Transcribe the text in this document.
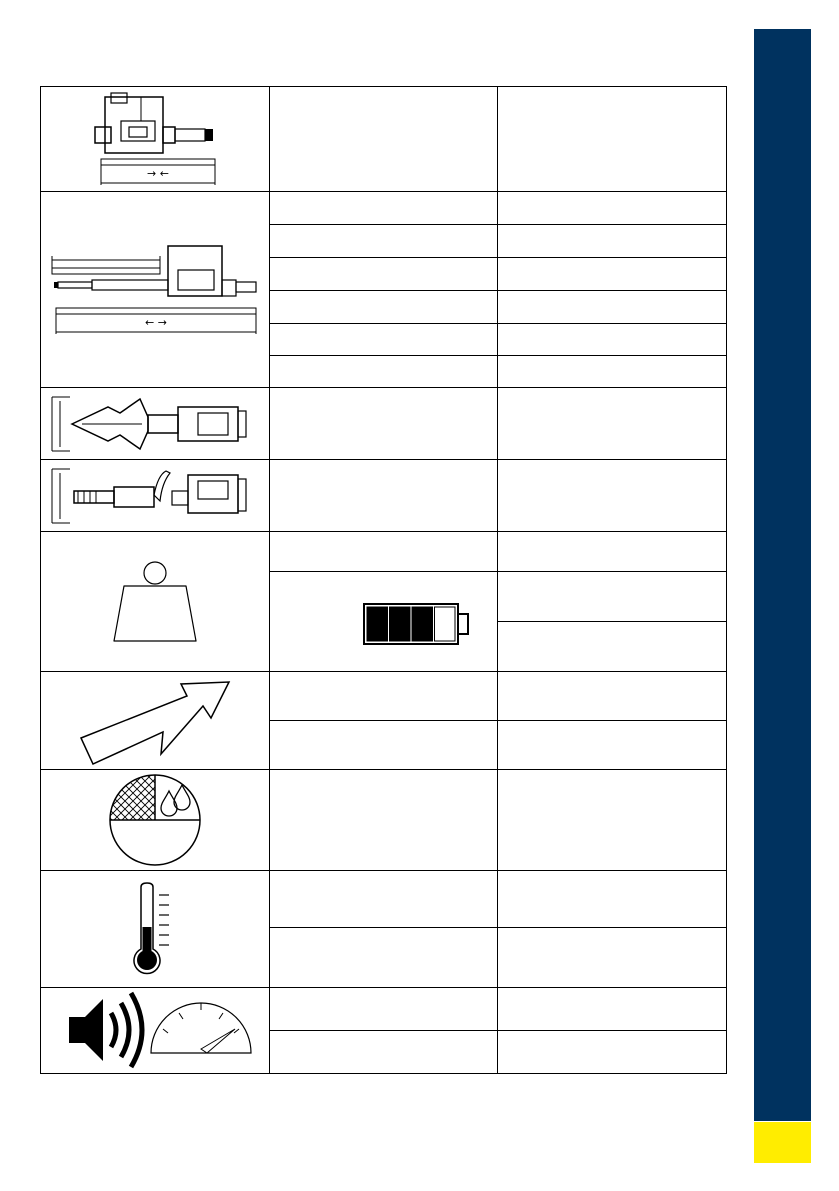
→ ←		

← →		
